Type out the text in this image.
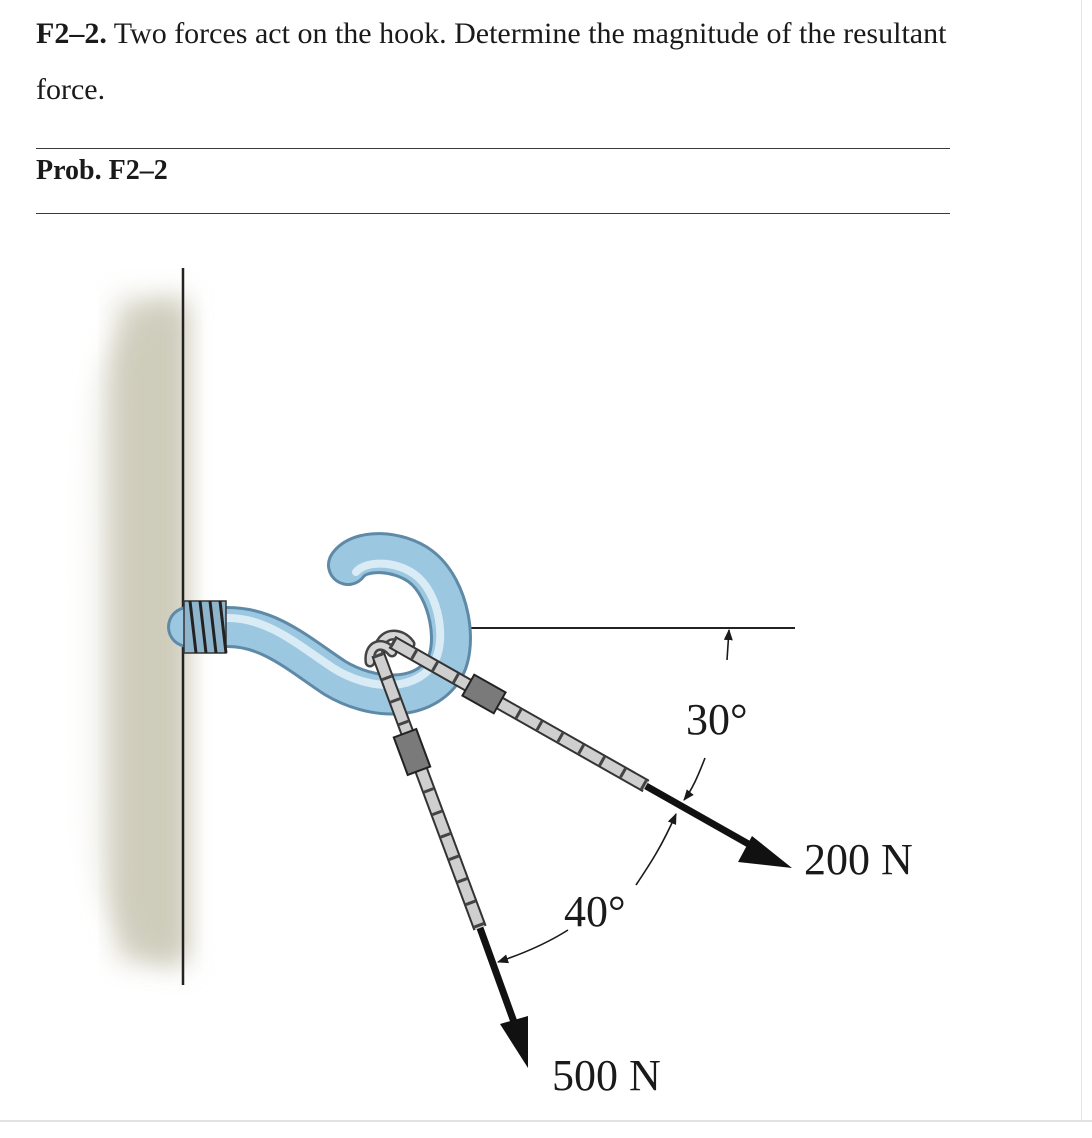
F2–2. Two forces act on the hook. Determine the magnitude of the resultant force.

Prob. F2–2

30°
200 N
40°
500 N
